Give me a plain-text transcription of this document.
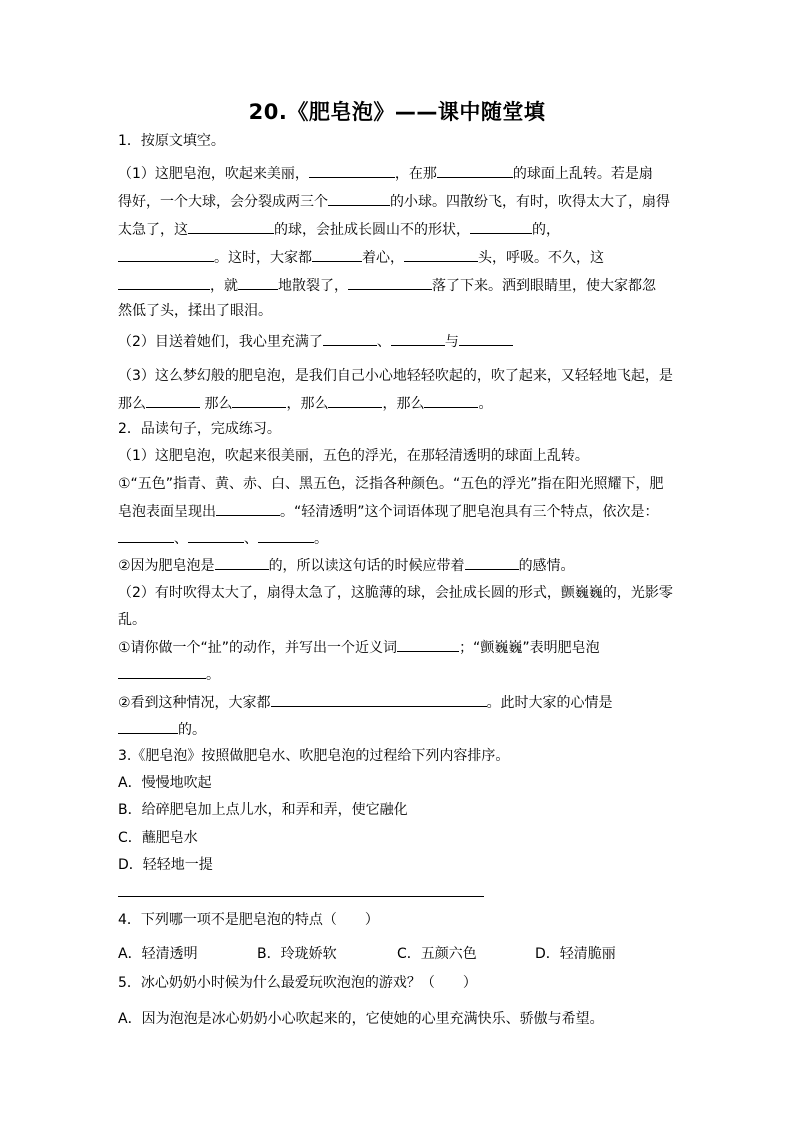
20.《肥皂泡》——课中随堂填
1．按原文填空。
（1）这肥皂泡，吹起来美丽，	，在那	的球面上乱转。若是扇
得好，一个大球，会分裂成两三个	的小球。四散纷飞，有时，吹得太大了，扇得
太急了，这	的球，会扯成长圆山不的形状，	的，
。这时，大家都	着心，	头，呼吸。不久，这
，就	地散裂了，	落了下来。洒到眼睛里，使大家都忽
然低了头，揉出了眼泪。
（2）目送着她们，我心里充满了	、	与
（3）这么梦幻般的肥皂泡，是我们自己小心地轻轻吹起的，吹了起来，又轻轻地飞起，是
那么	那么	，那么	，那么	。
2．品读句子，完成练习。
（1）这肥皂泡，吹起来很美丽，五色的浮光，在那轻清透明的球面上乱转。
①“五色”指青、黄、赤、白、黑五色，泛指各种颜色。“五色的浮光”指在阳光照耀下，肥
皂泡表面呈现出	。“轻清透明”这个词语体现了肥皂泡具有三个特点，依次是：
、	、	。
②因为肥皂泡是	的，所以读这句话的时候应带着	的感情。
（2）有时吹得太大了，扇得太急了，这脆薄的球，会扯成长圆的形式，颤巍巍的，光影零
乱。
①请你做一个“扯”的动作，并写出一个近义词	；“颤巍巍”表明肥皂泡
。
②看到这种情况，大家都	。此时大家的心情是
的。
3.《肥皂泡》按照做肥皂水、吹肥皂泡的过程给下列内容排序。
A．慢慢地吹起
B．给碎肥皂加上点儿水，和弄和弄，使它融化
C．蘸肥皂水
D．轻轻地一提
4．下列哪一项不是肥皂泡的特点（　　）
A．轻清透明	B．玲珑娇软	C．五颜六色	D．轻清脆丽
5．冰心奶奶小时候为什么最爱玩吹泡泡的游戏？（　　）
A．因为泡泡是冰心奶奶小心吹起来的，它使她的心里充满快乐、骄傲与希望。
